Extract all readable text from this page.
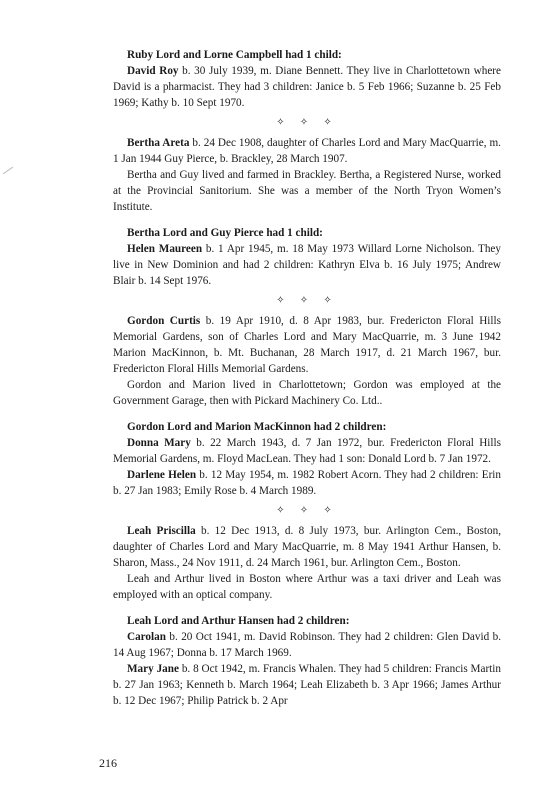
Ruby Lord and Lorne Campbell had 1 child:

David Roy b. 30 July 1939, m. Diane Bennett. They live in Charlottetown where David is a pharmacist. They had 3 children: Janice b. 5 Feb 1966; Suzanne b. 25 Feb 1969; Kathy b. 10 Sept 1970.

✧ ✧ ✧

Bertha Areta b. 24 Dec 1908, daughter of Charles Lord and Mary MacQuarrie, m. 1 Jan 1944 Guy Pierce, b. Brackley, 28 March 1907.

Bertha and Guy lived and farmed in Brackley. Bertha, a Registered Nurse, worked at the Provincial Sanitorium. She was a member of the North Tryon Women’s Institute.

Bertha Lord and Guy Pierce had 1 child:

Helen Maureen b. 1 Apr 1945, m. 18 May 1973 Willard Lorne Nicholson. They live in New Dominion and had 2 children: Kathryn Elva b. 16 July 1975; Andrew Blair b. 14 Sept 1976.

✧ ✧ ✧

Gordon Curtis b. 19 Apr 1910, d. 8 Apr 1983, bur. Fredericton Floral Hills Memorial Gardens, son of Charles Lord and Mary MacQuarrie, m. 3 June 1942 Marion MacKinnon, b. Mt. Buchanan, 28 March 1917, d. 21 March 1967, bur. Fredericton Floral Hills Memorial Gardens.

Gordon and Marion lived in Charlottetown; Gordon was employed at the Government Garage, then with Pickard Machinery Co. Ltd..

Gordon Lord and Marion MacKinnon had 2 children:

Donna Mary b. 22 March 1943, d. 7 Jan 1972, bur. Fredericton Floral Hills Memorial Gardens, m. Floyd MacLean. They had 1 son: Donald Lord b. 7 Jan 1972.

Darlene Helen b. 12 May 1954, m. 1982 Robert Acorn. They had 2 children: Erin b. 27 Jan 1983; Emily Rose b. 4 March 1989.

✧ ✧ ✧

Leah Priscilla b. 12 Dec 1913, d. 8 July 1973, bur. Arlington Cem., Boston, daughter of Charles Lord and Mary MacQuarrie, m. 8 May 1941 Arthur Hansen, b. Sharon, Mass., 24 Nov 1911, d. 24 March 1961, bur. Arlington Cem., Boston.

Leah and Arthur lived in Boston where Arthur was a taxi driver and Leah was employed with an optical company.

Leah Lord and Arthur Hansen had 2 children:

Carolan b. 20 Oct 1941, m. David Robinson. They had 2 children: Glen David b. 14 Aug 1967; Donna b. 17 March 1969.

Mary Jane b. 8 Oct 1942, m. Francis Whalen. They had 5 children: Francis Martin b. 27 Jan 1963; Kenneth b. March 1964; Leah Elizabeth b. 3 Apr 1966; James Arthur b. 12 Dec 1967; Philip Patrick b. 2 Apr

216
